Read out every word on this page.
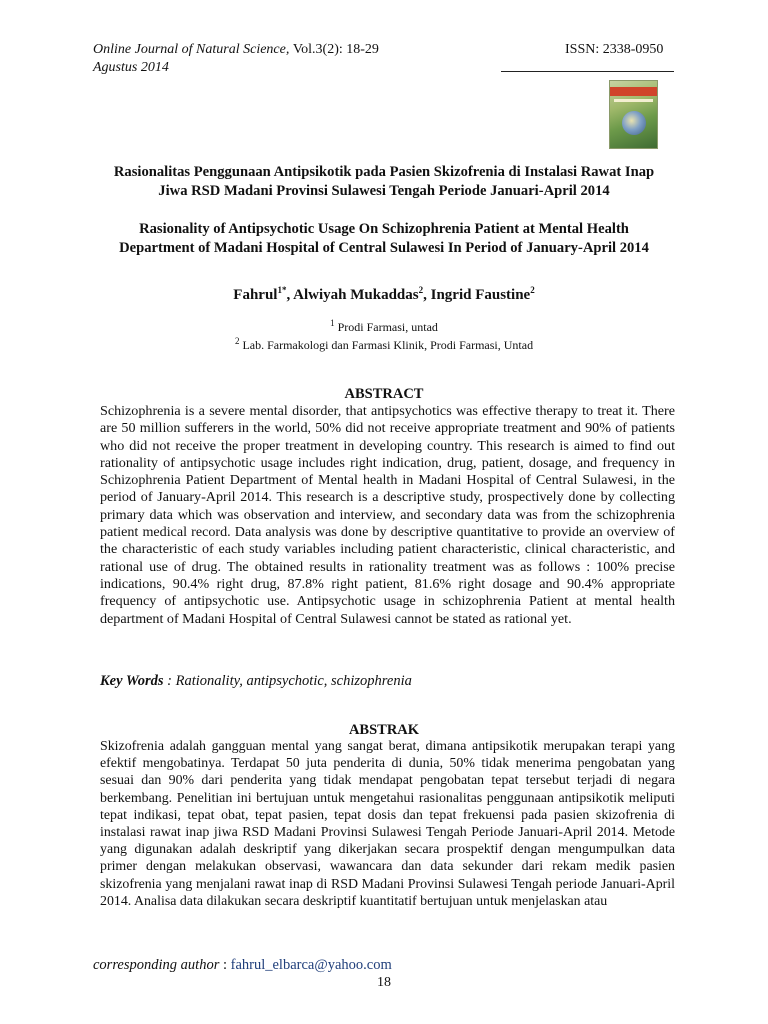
Online Journal of Natural Science, Vol.3(2): 18-29
Agustus 2014
ISSN: 2338-0950
Rasionalitas Penggunaan Antipsikotik pada Pasien Skizofrenia di Instalasi Rawat Inap Jiwa RSD Madani Provinsi Sulawesi Tengah Periode Januari-April 2014
Rasionality of Antipsychotic Usage On Schizophrenia Patient at Mental Health Department of Madani Hospital of Central Sulawesi In Period of January-April 2014
Fahrul$^{1*}$, Alwiyah Mukaddas$^2$, Ingrid Faustine$^2$
$^1$ Prodi Farmasi, untad
$^2$ Lab. Farmakologi dan Farmasi Klinik, Prodi Farmasi, Untad
ABSTRACT
Schizophrenia is a severe mental disorder, that antipsychotics was effective therapy to treat it. There are 50 million sufferers in the world, 50% did not receive appropriate treatment and 90% of patients who did not receive the proper treatment in developing country. This research is aimed to find out rationality of antipsychotic usage includes right indication, drug, patient, dosage, and frequency in Schizophrenia Patient Department of Mental health in Madani Hospital of Central Sulawesi, in the period of January-April 2014. This research is a descriptive study, prospectively done by collecting primary data which was observation and interview, and secondary data was from the schizophrenia patient medical record. Data analysis was done by descriptive quantitative to provide an overview of the characteristic of each study variables including patient characteristic, clinical characteristic, and rational use of drug. The obtained results in rationality treatment was as follows : 100% precise indications, 90.4% right drug, 87.8% right patient, 81.6% right dosage and 90.4% appropriate frequency of antipsychotic use. Antipsychotic usage in schizophrenia Patient at mental health department of Madani Hospital of Central Sulawesi cannot be stated as rational yet.
Key Words : Rationality, antipsychotic, schizophrenia
ABSTRAK
Skizofrenia adalah gangguan mental yang sangat berat, dimana antipsikotik merupakan terapi yang efektif mengobatinya. Terdapat 50 juta penderita di dunia, 50% tidak menerima pengobatan yang sesuai dan 90% dari penderita yang tidak mendapat pengobatan tepat tersebut terjadi di negara berkembang. Penelitian ini bertujuan untuk mengetahui rasionalitas penggunaan antipsikotik meliputi tepat indikasi, tepat obat, tepat pasien, tepat dosis dan tepat frekuensi pada pasien skizofrenia di instalasi rawat inap jiwa RSD Madani Provinsi Sulawesi Tengah Periode Januari-April 2014. Metode yang digunakan adalah deskriptif yang dikerjakan secara prospektif dengan mengumpulkan data primer dengan melakukan observasi, wawancara dan data sekunder dari rekam medik pasien skizofrenia yang menjalani rawat inap di RSD Madani Provinsi Sulawesi Tengah periode Januari-April 2014. Analisa data dilakukan secara deskriptif kuantitatif bertujuan untuk menjelaskan atau
corresponding author : fahrul_elbarca@yahoo.com
18
